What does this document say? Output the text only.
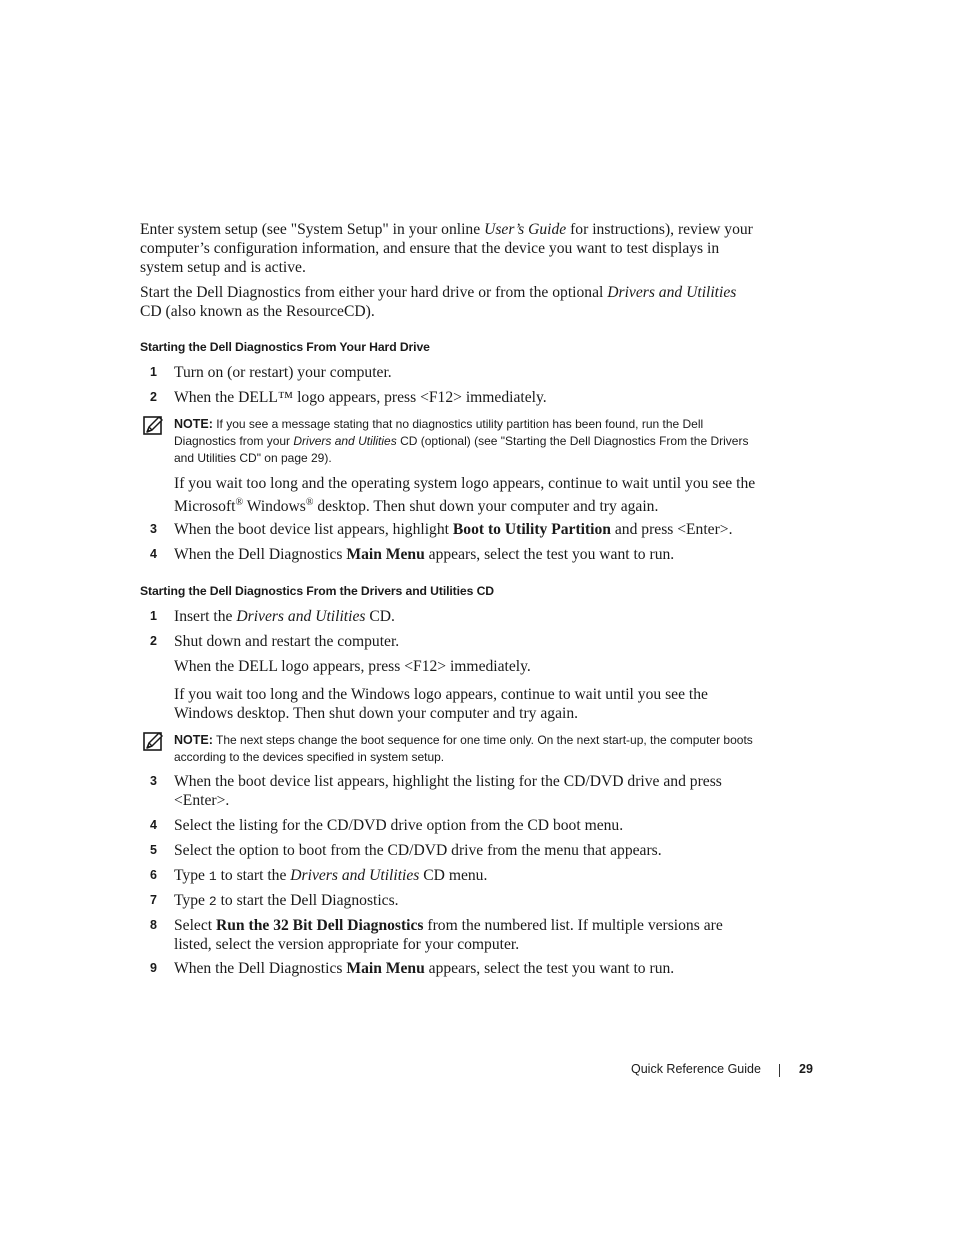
Enter system setup (see "System Setup" in your online User’s Guide for instructions), review your computer’s configuration information, and ensure that the device you want to test displays in system setup and is active.

Start the Dell Diagnostics from either your hard drive or from the optional Drivers and Utilities CD (also known as the ResourceCD).

Starting the Dell Diagnostics From Your Hard Drive
1 Turn on (or restart) your computer.
2 When the DELL™ logo appears, press <F12> immediately.
NOTE: If you see a message stating that no diagnostics utility partition has been found, run the Dell Diagnostics from your Drivers and Utilities CD (optional) (see "Starting the Dell Diagnostics From the Drivers and Utilities CD" on page 29).

If you wait too long and the operating system logo appears, continue to wait until you see the Microsoft® Windows® desktop. Then shut down your computer and try again.

3 When the boot device list appears, highlight Boot to Utility Partition and press <Enter>.
4 When the Dell Diagnostics Main Menu appears, select the test you want to run.
Starting the Dell Diagnostics From the Drivers and Utilities CD
1 Insert the Drivers and Utilities CD.
2 Shut down and restart the computer.

When the DELL logo appears, press <F12> immediately.

If you wait too long and the Windows logo appears, continue to wait until you see the Windows desktop. Then shut down your computer and try again.

NOTE: The next steps change the boot sequence for one time only. On the next start-up, the computer boots according to the devices specified in system setup.
3 When the boot device list appears, highlight the listing for the CD/DVD drive and press <Enter>.
4 Select the listing for the CD/DVD drive option from the CD boot menu.
5 Select the option to boot from the CD/DVD drive from the menu that appears.
6 Type 1 to start the Drivers and Utilities CD menu.
7 Type 2 to start the Dell Diagnostics.
8 Select Run the 32 Bit Dell Diagnostics from the numbered list. If multiple versions are listed, select the version appropriate for your computer.
9 When the Dell Diagnostics Main Menu appears, select the test you want to run.
Quick Reference Guide	29
